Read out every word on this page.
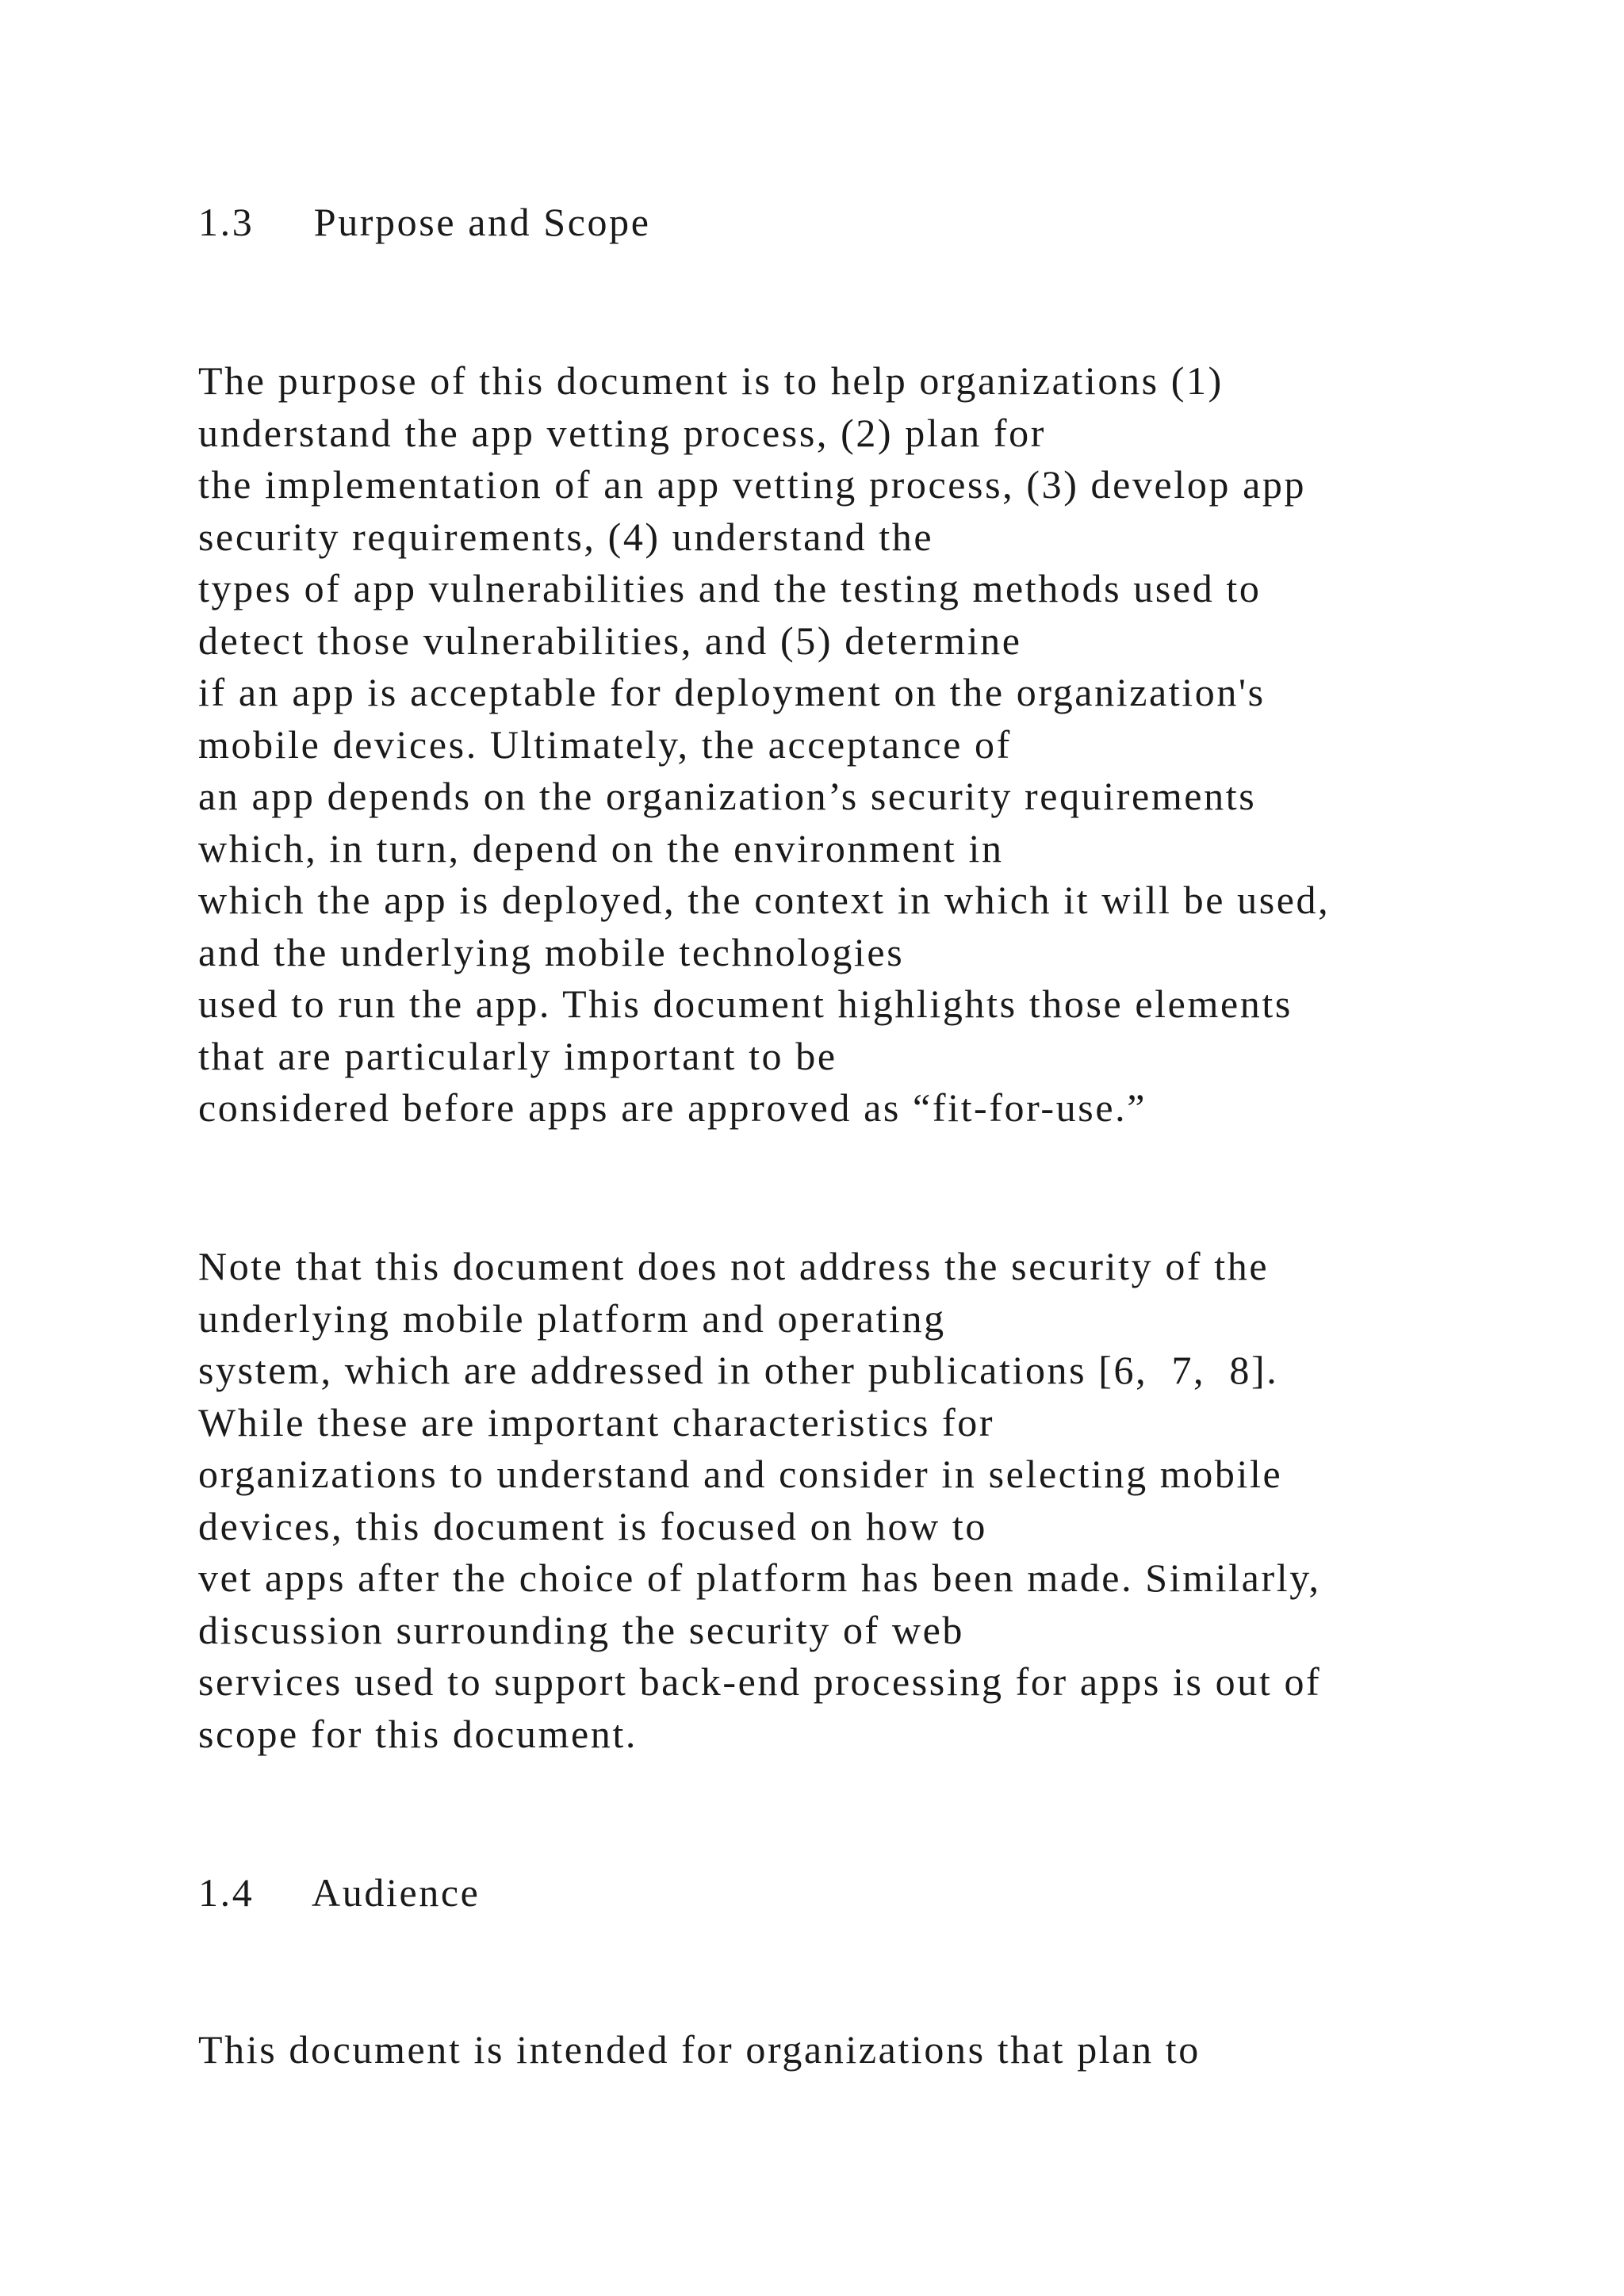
1.3     Purpose and Scope

The purpose of this document is to help organizations (1)

understand the app vetting process, (2) plan for

the implementation of an app vetting process, (3) develop app

security requirements, (4) understand the

types of app vulnerabilities and the testing methods used to

detect those vulnerabilities, and (5) determine

if an app is acceptable for deployment on the organization's

mobile devices. Ultimately, the acceptance of

an app depends on the organization’s security requirements

which, in turn, depend on the environment in

which the app is deployed, the context in which it will be used,

and the underlying mobile technologies

used to run the app. This document highlights those elements

that are particularly important to be

considered before apps are approved as “fit-for-use.”

Note that this document does not address the security of the

underlying mobile platform and operating

system, which are addressed in other publications [6,  7,  8].

While these are important characteristics for

organizations to understand and consider in selecting mobile

devices, this document is focused on how to

vet apps after the choice of platform has been made. Similarly,

discussion surrounding the security of web

services used to support back-end processing for apps is out of

scope for this document.

1.4     Audience

This document is intended for organizations that plan to
